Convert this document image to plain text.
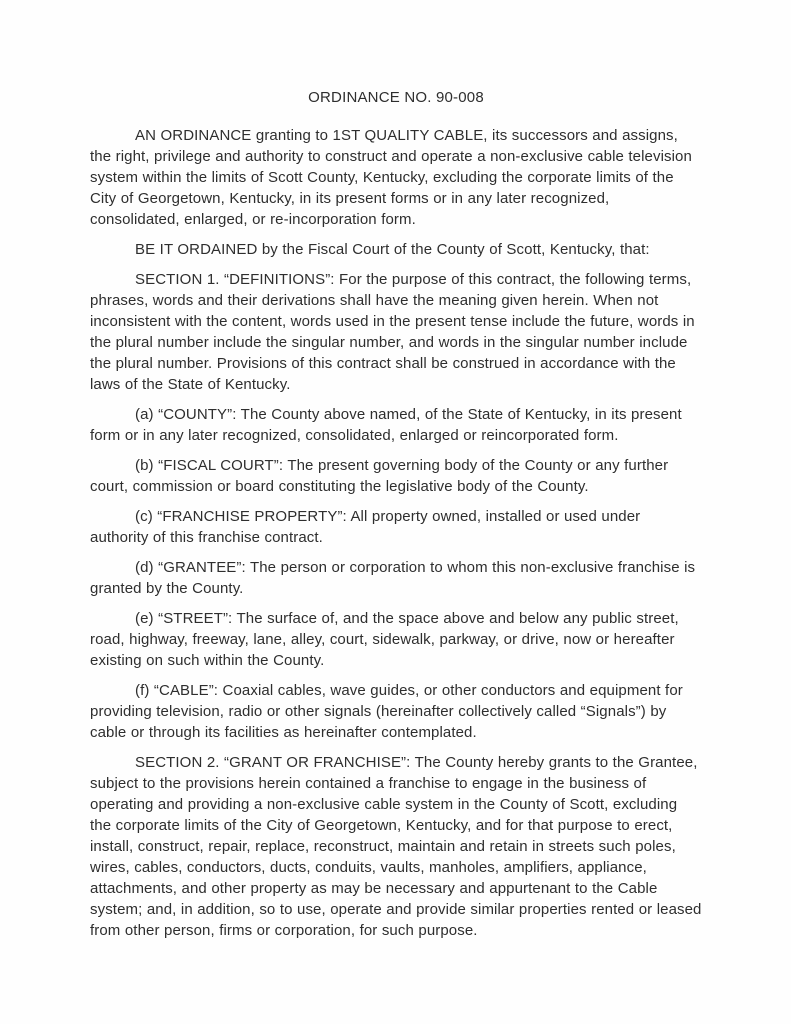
ORDINANCE NO. 90-008

AN ORDINANCE granting to 1ST QUALITY CABLE, its successors and assigns, the right, privilege and authority to construct and operate a non-exclusive cable television system within the limits of Scott County, Kentucky, excluding the corporate limits of the City of Georgetown, Kentucky, in its present forms or in any later recognized, consolidated, enlarged, or re-incorporation form.

BE IT ORDAINED by the Fiscal Court of the County of Scott, Kentucky, that:

SECTION 1. “DEFINITIONS”: For the purpose of this contract, the following terms, phrases, words and their derivations shall have the meaning given herein. When not inconsistent with the content, words used in the present tense include the future, words in the plural number include the singular number, and words in the singular number include the plural number. Provisions of this contract shall be construed in accordance with the laws of the State of Kentucky.

(a) “COUNTY”: The County above named, of the State of Kentucky, in its present form or in any later recognized, consolidated, enlarged or reincorporated form.

(b) “FISCAL COURT”: The present governing body of the County or any further court, commission or board constituting the legislative body of the County.

(c) “FRANCHISE PROPERTY”: All property owned, installed or used under authority of this franchise contract.

(d) “GRANTEE”: The person or corporation to whom this non-exclusive franchise is granted by the County.

(e) “STREET”: The surface of, and the space above and below any public street, road, highway, freeway, lane, alley, court, sidewalk, parkway, or drive, now or hereafter existing on such within the County.

(f) “CABLE”: Coaxial cables, wave guides, or other conductors and equipment for providing television, radio or other signals (hereinafter collectively called “Signals”) by cable or through its facilities as hereinafter contemplated.

SECTION 2. “GRANT OR FRANCHISE”: The County hereby grants to the Grantee, subject to the provisions herein contained a franchise to engage in the business of operating and providing a non-exclusive cable system in the County of Scott, excluding the corporate limits of the City of Georgetown, Kentucky, and for that purpose to erect, install, construct, repair, replace, reconstruct, maintain and retain in streets such poles, wires, cables, conductors, ducts, conduits, vaults, manholes, amplifiers, appliance, attachments, and other property as may be necessary and appurtenant to the Cable system; and, in addition, so to use, operate and provide similar properties rented or leased from other person, firms or corporation, for such purpose.
